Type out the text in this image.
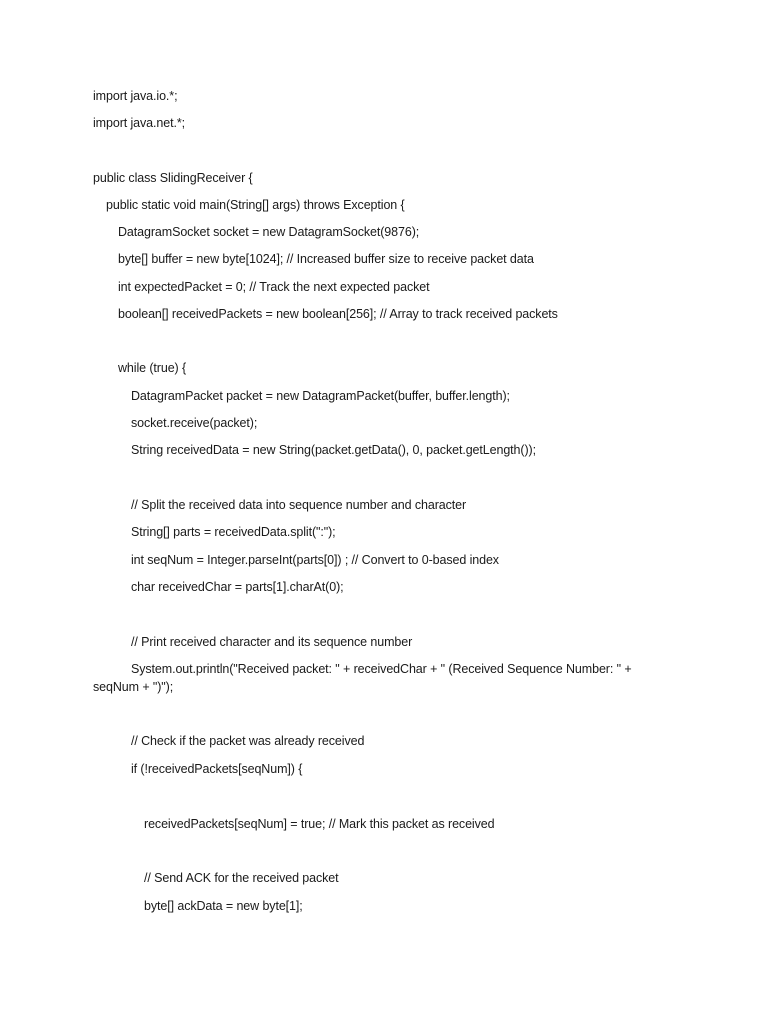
import java.io.*;
import java.net.*;
public class SlidingReceiver {
public static void main(String[] args) throws Exception {
DatagramSocket socket = new DatagramSocket(9876);
byte[] buffer = new byte[1024]; // Increased buffer size to receive packet data
int expectedPacket = 0; // Track the next expected packet
boolean[] receivedPackets = new boolean[256]; // Array to track received packets
while (true) {
DatagramPacket packet = new DatagramPacket(buffer, buffer.length);
socket.receive(packet);
String receivedData = new String(packet.getData(), 0, packet.getLength());
// Split the received data into sequence number and character
String[] parts = receivedData.split(":");
int seqNum = Integer.parseInt(parts[0]) ; // Convert to 0-based index
char receivedChar = parts[1].charAt(0);
// Print received character and its sequence number
System.out.println("Received packet: " + receivedChar + " (Received Sequence Number: " +
seqNum + ")");
// Check if the packet was already received
if (!receivedPackets[seqNum]) {
receivedPackets[seqNum] = true; // Mark this packet as received
// Send ACK for the received packet
byte[] ackData = new byte[1];
